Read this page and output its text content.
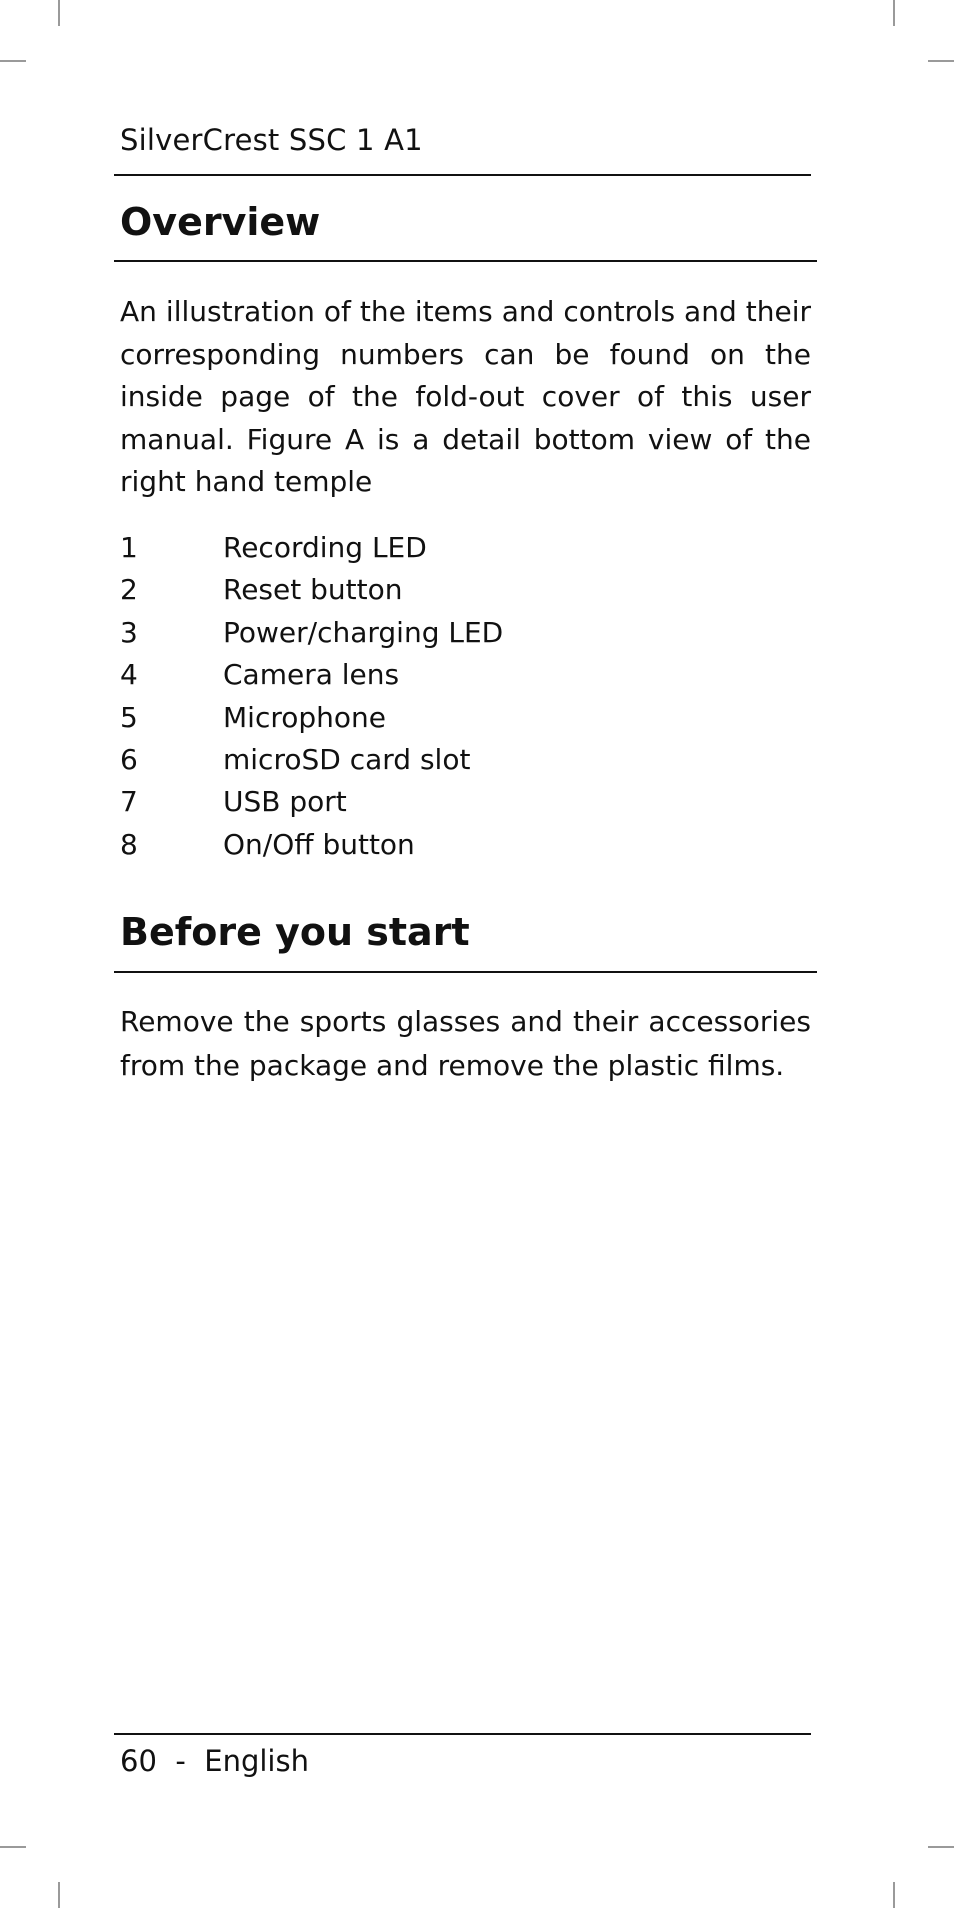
SilverCrest SSC 1 A1

Overview

An illustration of the items and controls and their corresponding numbers can be found on the inside page of the fold-out cover of this user manual. Figure A is a detail bottom view of the right hand temple

1	Recording LED
2	Reset button
3	Power/charging LED
4	Camera lens
5	Microphone
6	microSD card slot
7	USB port
8	On/Off button
Before you start

Remove the sports glasses and their accessories from the package and remove the plastic films.

60 - English
